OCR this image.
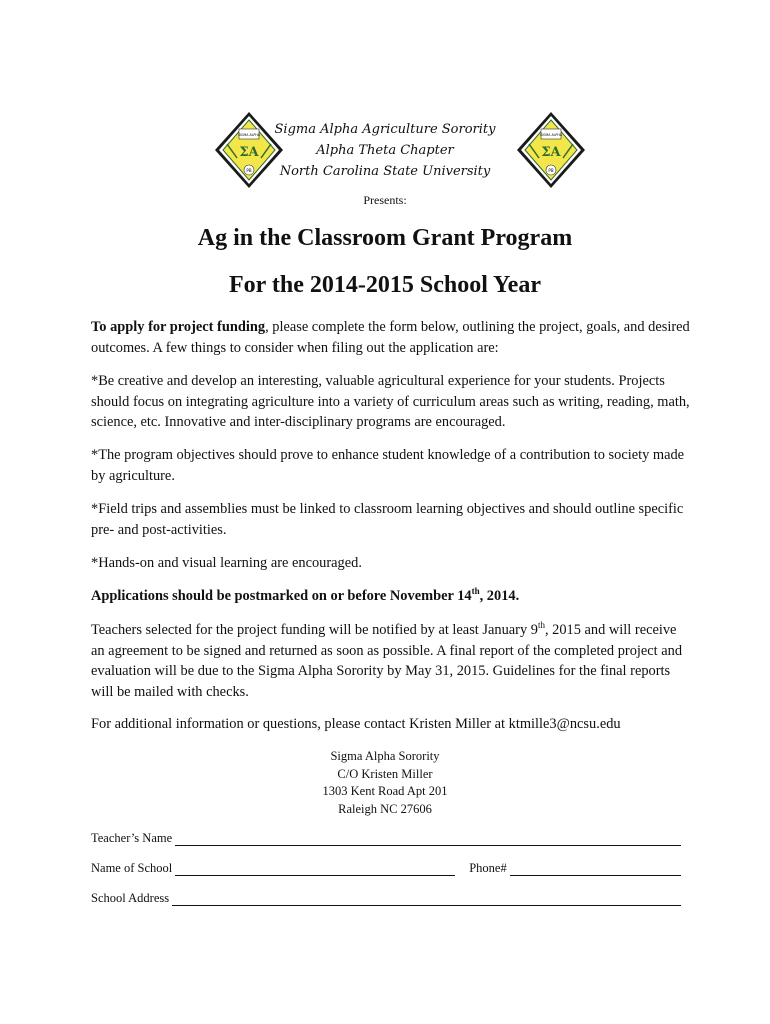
SIGMA ALPHA
ΣΑ
PB
SIGMA ALPHA
ΣΑ
PB
Sigma Alpha Agriculture Sorority
Alpha Theta Chapter
North Carolina State University
Presents:
Ag in the Classroom Grant Program
For the 2014-2015 School Year
To apply for project funding, please complete the form below, outlining the project, goals, and desired outcomes. A few things to consider when filing out the application are:
*Be creative and develop an interesting, valuable agricultural experience for your students. Projects should focus on integrating agriculture into a variety of curriculum areas such as writing, reading, math, science, etc. Innovative and inter-disciplinary programs are encouraged.
*The program objectives should prove to enhance student knowledge of a contribution to society made by agriculture.
*Field trips and assemblies must be linked to classroom learning objectives and should outline specific pre- and post-activities.
*Hands-on and visual learning are encouraged.
Applications should be postmarked on or before November 14th, 2014.
Teachers selected for the project funding will be notified by at least January 9th, 2015 and will receive an agreement to be signed and returned as soon as possible. A final report of the completed project and evaluation will be due to the Sigma Alpha Sorority by May 31, 2015. Guidelines for the final reports will be mailed with checks.
For additional information or questions, please contact Kristen Miller at ktmille3@ncsu.edu
Sigma Alpha Sorority
C/O Kristen Miller
1303 Kent Road Apt 201
Raleigh NC 27606
Teacher’s Name
Name of School	Phone#
School Address
